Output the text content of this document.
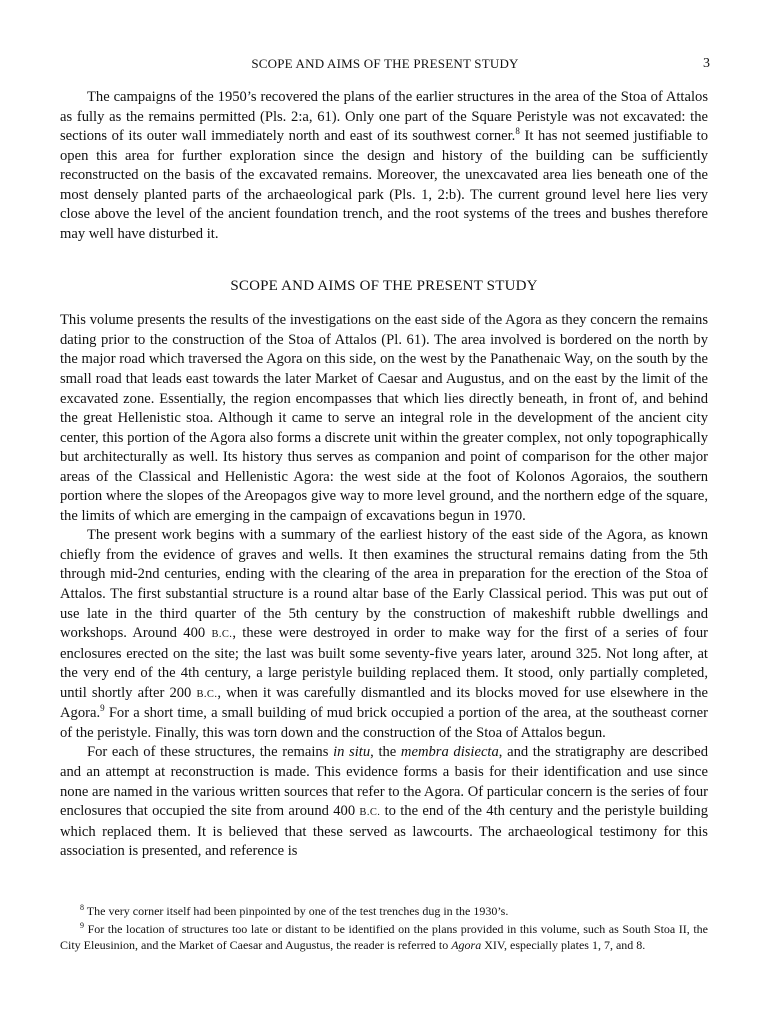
SCOPE AND AIMS OF THE PRESENT STUDY	3

The campaigns of the 1950’s recovered the plans of the earlier structures in the area of the Stoa of Attalos as fully as the remains permitted (Pls. 2:a, 61). Only one part of the Square Peristyle was not excavated: the sections of its outer wall immediately north and east of its southwest corner.$^8$ It has not seemed justifiable to open this area for further exploration since the design and history of the building can be sufficiently reconstructed on the basis of the excavated remains. Moreover, the unexcavated area lies beneath one of the most densely planted parts of the archaeological park (Pls. 1, 2:b). The current ground level here lies very close above the level of the ancient foundation trench, and the root systems of the trees and bushes therefore may well have disturbed it.

SCOPE AND AIMS OF THE PRESENT STUDY

This volume presents the results of the investigations on the east side of the Agora as they concern the remains dating prior to the construction of the Stoa of Attalos (Pl. 61). The area involved is bordered on the north by the major road which traversed the Agora on this side, on the west by the Panathenaic Way, on the south by the small road that leads east towards the later Market of Caesar and Augustus, and on the east by the limit of the excavated zone. Essentially, the region encompasses that which lies directly beneath, in front of, and behind the great Hellenistic stoa. Although it came to serve an integral role in the development of the ancient city center, this portion of the Agora also forms a discrete unit within the greater complex, not only topographically but architecturally as well. Its history thus serves as companion and point of comparison for the other major areas of the Classical and Hellenistic Agora: the west side at the foot of Kolonos Agoraios, the southern portion where the slopes of the Areopagos give way to more level ground, and the northern edge of the square, the limits of which are emerging in the campaign of excavations begun in 1970.

The present work begins with a summary of the earliest history of the east side of the Agora, as known chiefly from the evidence of graves and wells. It then examines the structural remains dating from the 5th through mid-2nd centuries, ending with the clearing of the area in preparation for the erection of the Stoa of Attalos. The first substantial structure is a round altar base of the Early Classical period. This was put out of use late in the third quarter of the 5th century by the construction of makeshift rubble dwellings and workshops. Around 400 B.C., these were destroyed in order to make way for the first of a series of four enclosures erected on the site; the last was built some seventy-five years later, around 325. Not long after, at the very end of the 4th century, a large peristyle building replaced them. It stood, only partially completed, until shortly after 200 B.C., when it was carefully dismantled and its blocks moved for use elsewhere in the Agora.$^9$ For a short time, a small building of mud brick occupied a portion of the area, at the southeast corner of the peristyle. Finally, this was torn down and the construction of the Stoa of Attalos begun.

For each of these structures, the remains in situ, the membra disiecta, and the stratigraphy are described and an attempt at reconstruction is made. This evidence forms a basis for their identification and use since none are named in the various written sources that refer to the Agora. Of particular concern is the series of four enclosures that occupied the site from around 400 B.C. to the end of the 4th century and the peristyle building which replaced them. It is believed that these served as lawcourts. The archaeological testimony for this association is presented, and reference is

$^8$ The very corner itself had been pinpointed by one of the test trenches dug in the 1930’s.

$^9$ For the location of structures too late or distant to be identified on the plans provided in this volume, such as South Stoa II, the City Eleusinion, and the Market of Caesar and Augustus, the reader is referred to Agora XIV, especially plates 1, 7, and 8.
